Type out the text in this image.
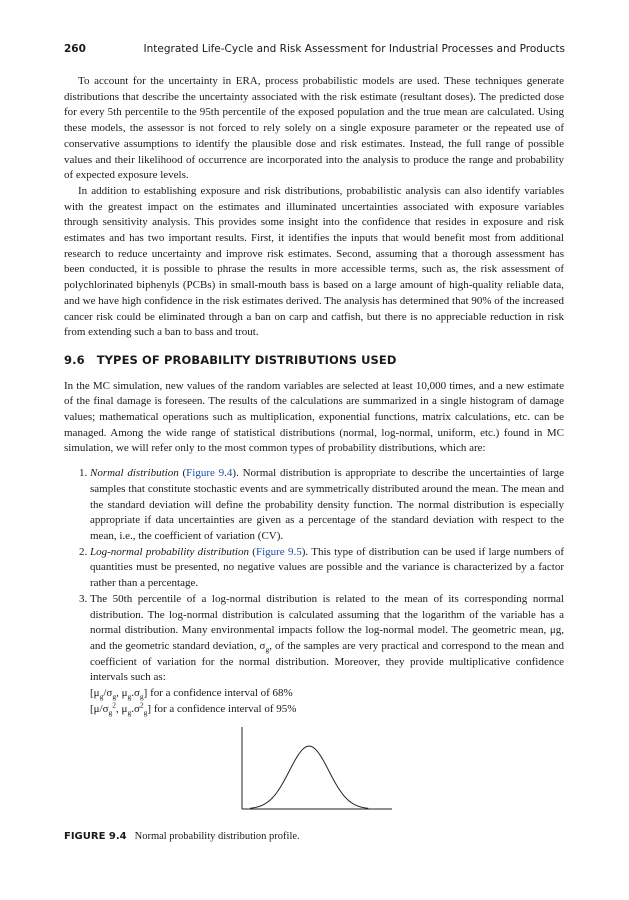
260	Integrated Life-Cycle and Risk Assessment for Industrial Processes and Products

To account for the uncertainty in ERA, process probabilistic models are used. These techniques generate distributions that describe the uncertainty associated with the risk estimate (resultant doses). The predicted dose for every 5th percentile to the 95th percentile of the exposed population and the true mean are calculated. Using these models, the assessor is not forced to rely solely on a single exposure parameter or the repeated use of conservative assumptions to identify the plausible dose and risk estimates. Instead, the full range of possible values and their likelihood of occurrence are incorporated into the analysis to produce the range and probability of expected exposure levels.

In addition to establishing exposure and risk distributions, probabilistic analysis can also identify variables with the greatest impact on the estimates and illuminated uncertainties associated with exposure variables through sensitivity analysis. This provides some insight into the confidence that resides in exposure and risk estimates and has two important results. First, it identifies the inputs that would benefit most from additional research to reduce uncertainty and improve risk estimates. Second, assuming that a thorough assessment has been conducted, it is possible to phrase the results in more accessible terms, such as, the risk assessment of polychlorinated biphenyls (PCBs) in small-mouth bass is based on a large amount of high-quality reliable data, and we have high confidence in the risk estimates derived. The analysis has determined that 90% of the increased cancer risk could be eliminated through a ban on carp and catfish, but there is no appreciable reduction in risk from extending such a ban to bass and trout.

9.6 TYPES OF PROBABILITY DISTRIBUTIONS USED

In the MC simulation, new values of the random variables are selected at least 10,000 times, and a new estimate of the final damage is foreseen. The results of the calculations are summarized in a single histogram of damage values; mathematical operations such as multiplication, exponential functions, matrix calculations, etc. can be managed. Among the wide range of statistical distributions (normal, log-normal, uniform, etc.) found in MC simulation, we will refer only to the most common types of probability distributions, which are:

1. Normal distribution (Figure 9.4). Normal distribution is appropriate to describe the uncertainties of large samples that constitute stochastic events and are symmetrically distributed around the mean. The mean and the standard deviation will define the probability density function. The normal distribution is especially appropriate if data uncertainties are given as a percentage of the standard deviation with respect to the mean, i.e., the coefficient of variation (CV).
2. Log-normal probability distribution (Figure 9.5). This type of distribution can be used if large numbers of quantities must be presented, no negative values are possible and the variance is characterized by a factor rather than a percentage.
3. The 50th percentile of a log-normal distribution is related to the mean of its corresponding normal distribution. The log-normal distribution is calculated assuming that the logarithm of the variable has a normal distribution. Many environmental impacts follow the log-normal model. The geometric mean, μg, and the geometric standard deviation, $\sigma_g$, of the samples are very practical and correspond to the mean and coefficient of variation for the normal distribution. Moreover, they provide multiplicative confidence intervals such as:
[$\mu_g/\sigma_g$, $\mu_g.\sigma_g$] for a confidence interval of 68%
[$\mu/\sigma_g^2$, $\mu_g.\sigma^2_g$] for a confidence interval of 95%
FIGURE 9.4 Normal probability distribution profile.
